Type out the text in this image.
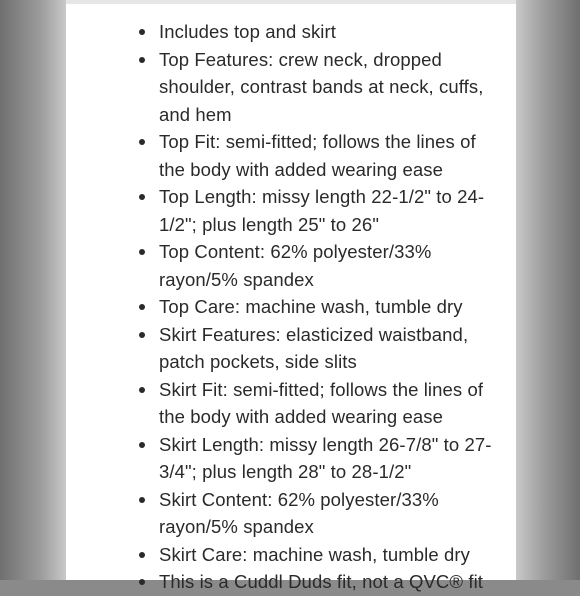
Includes top and skirt
Top Features: crew neck, dropped shoulder, contrast bands at neck, cuffs, and hem
Top Fit: semi-fitted; follows the lines of the body with added wearing ease
Top Length: missy length 22-1/2" to 24-1/2"; plus length 25" to 26"
Top Content: 62% polyester/33% rayon/5% spandex
Top Care: machine wash, tumble dry
Skirt Features: elasticized waistband, patch pockets, side slits
Skirt Fit: semi-fitted; follows the lines of the body with added wearing ease
Skirt Length: missy length 26-7/8" to 27-3/4"; plus length 28" to 28-1/2"
Skirt Content: 62% polyester/33% rayon/5% spandex
Skirt Care: machine wash, tumble dry
This is a Cuddl Duds fit, not a QVC® fit
